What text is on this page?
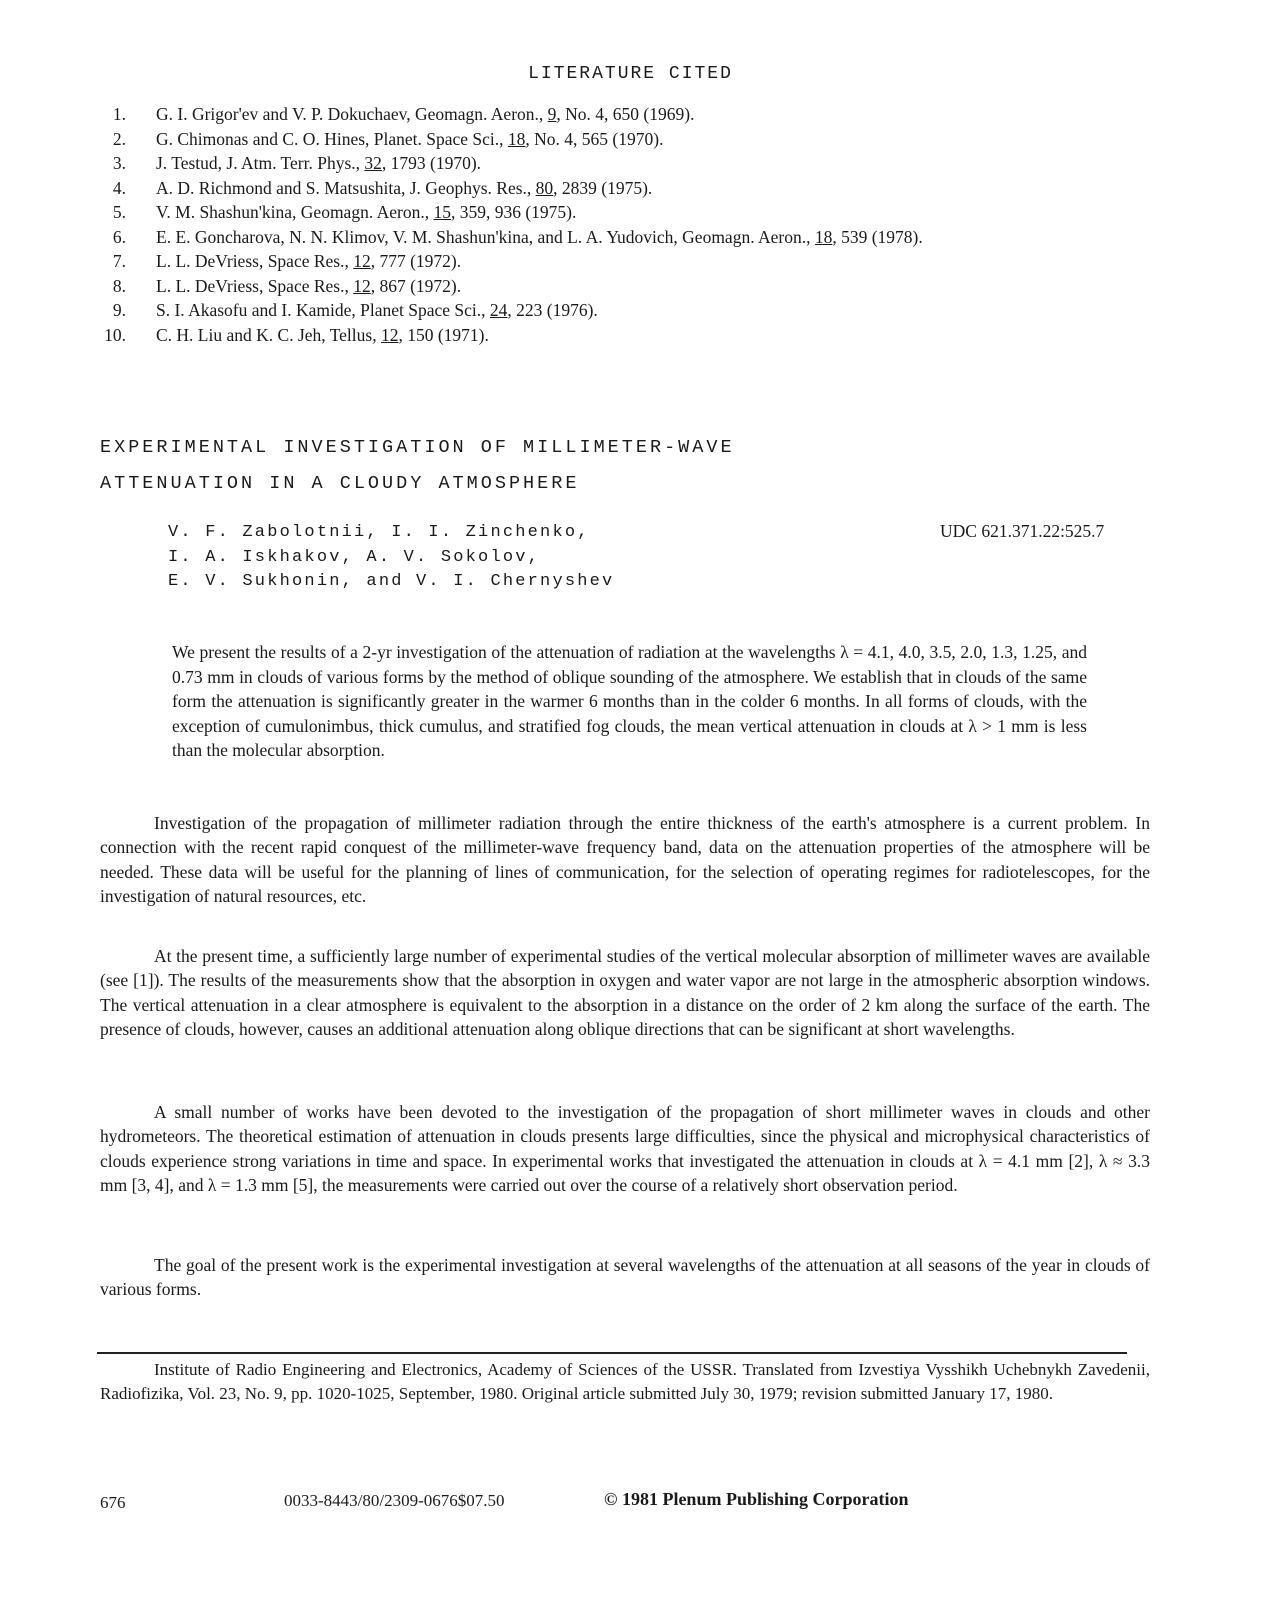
LITERATURE CITED
1 . G. I. Grigor'ev and V. P. Dokuchaev, Geomagn. Aeron., 9, No. 4, 650 (1969).
2 . G. Chimonas and C. O. Hines, Planet. Space Sci., 18, No. 4, 565 (1970).
3 . J. Testud, J. Atm. Terr. Phys., 32, 1793 (1970).
4 . A. D. Richmond and S. Matsushita, J. Geophys. Res., 80, 2839 (1975).
5 . V. M. Shashun'kina, Geomagn. Aeron., 15, 359, 936 (1975).
6 . E. E. Goncharova, N. N. Klimov, V. M. Shashun'kina, and L. A. Yudovich, Geomagn. Aeron., 18, 539 (1978).
7 . L. L. DeVriess, Space Res., 12, 777 (1972).
8 . L. L. DeVriess, Space Res., 12, 867 (1972).
9 . S. I. Akasofu and I. Kamide, Planet Space Sci., 24, 223 (1976).
10 . C. H. Liu and K. C. Jeh, Tellus, 12, 150 (1971).
EXPERIMENTAL INVESTIGATION OF MILLIMETER-WAVE
ATTENUATION IN A CLOUDY ATMOSPHERE
V. F. Zabolotnii, I. I. Zinchenko,
I. A. Iskhakov, A. V. Sokolov,
E. V. Sukhonin, and V. I. Chernyshev
UDC 621.371.22:525.7
We present the results of a 2-yr investigation of the attenuation of radiation at the wavelengths λ = 4.1, 4.0, 3.5, 2.0, 1.3, 1.25, and 0.73 mm in clouds of various forms by the method of oblique sounding of the atmosphere. We establish that in clouds of the same form the attenuation is significantly greater in the warmer 6 months than in the colder 6 months. In all forms of clouds, with the exception of cumulonimbus, thick cumulus, and stratified fog clouds, the mean vertical attenuation in clouds at λ > 1 mm is less than the molecular absorption.

Investigation of the propagation of millimeter radiation through the entire thickness of the earth's atmosphere is a current problem. In connection with the recent rapid conquest of the millimeter-wave frequency band, data on the attenuation properties of the atmosphere will be needed. These data will be useful for the planning of lines of communication, for the selection of operating regimes for radiotelescopes, for the investigation of natural resources, etc.

At the present time, a sufficiently large number of experimental studies of the vertical molecular absorption of millimeter waves are available (see [1]). The results of the measurements show that the absorption in oxygen and water vapor are not large in the atmospheric absorption windows. The vertical attenuation in a clear atmosphere is equivalent to the absorption in a distance on the order of 2 km along the surface of the earth. The presence of clouds, however, causes an additional attenuation along oblique directions that can be significant at short wavelengths.

A small number of works have been devoted to the investigation of the propagation of short millimeter waves in clouds and other hydrometeors. The theoretical estimation of attenuation in clouds presents large difficulties, since the physical and microphysical characteristics of clouds experience strong variations in time and space. In experimental works that investigated the attenuation in clouds at λ = 4.1 mm [2], λ ≈ 3.3 mm [3, 4], and λ = 1.3 mm [5], the measurements were carried out over the course of a relatively short observation period.

The goal of the present work is the experimental investigation at several wavelengths of the attenuation at all seasons of the year in clouds of various forms.

Institute of Radio Engineering and Electronics, Academy of Sciences of the USSR. Translated from Izvestiya Vysshikh Uchebnykh Zavedenii, Radiofizika, Vol. 23, No. 9, pp. 1020-1025, September, 1980. Original article submitted July 30, 1979; revision submitted January 17, 1980.

676	0033-8443/80/2309-0676$07.50	© 1981 Plenum Publishing Corporation
